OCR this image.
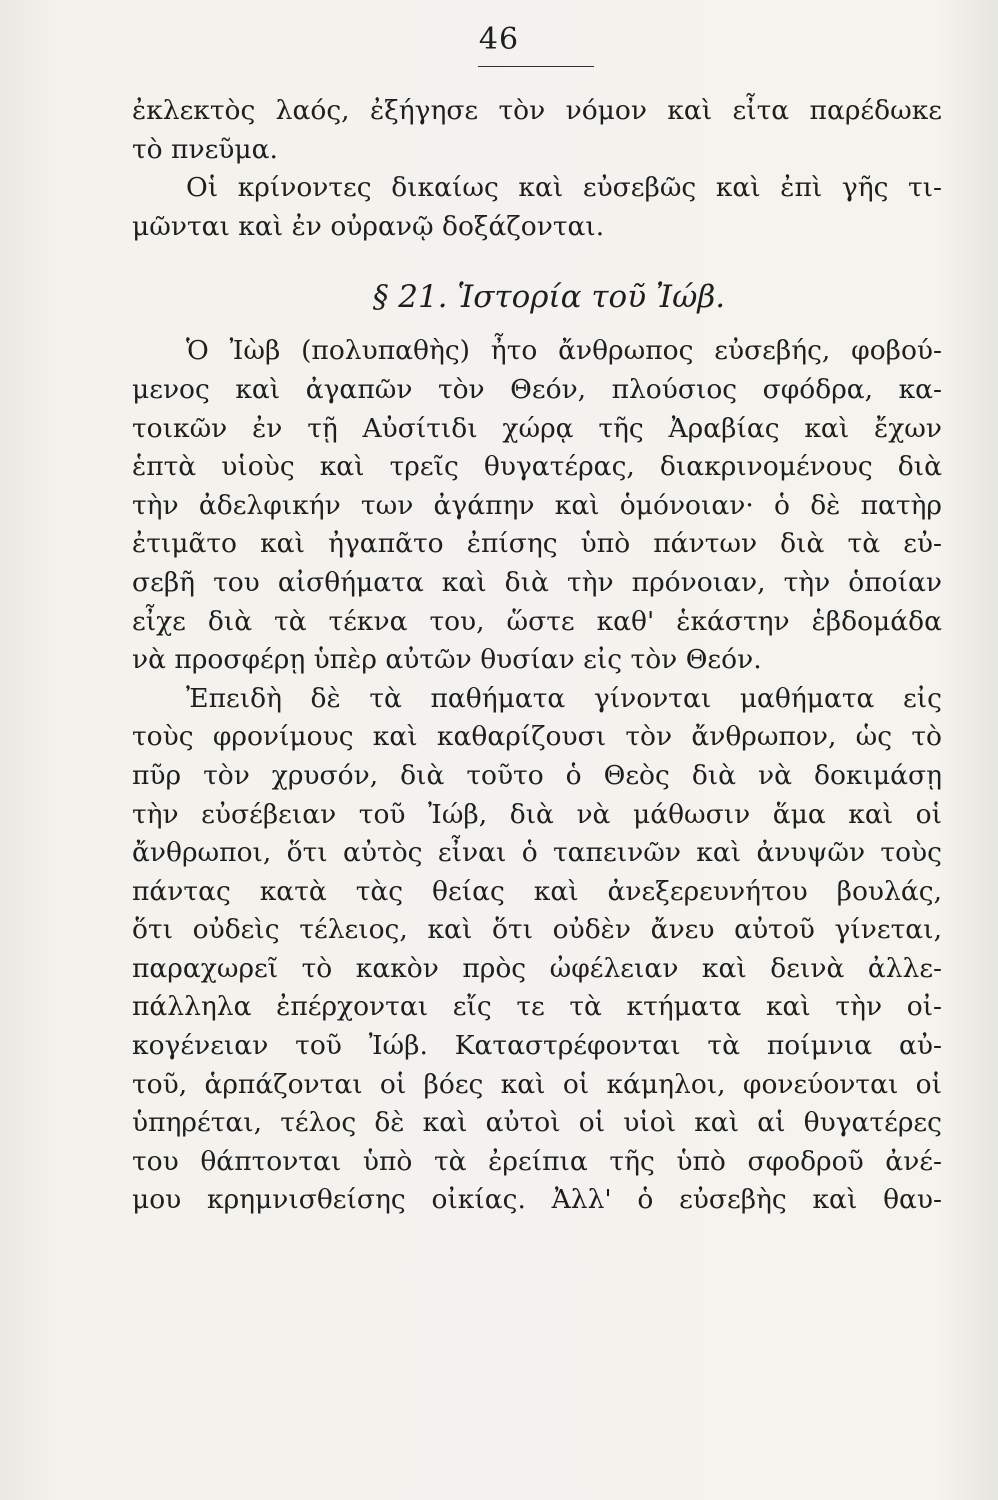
46
ἐκλεκτὸς λαός, ἐξήγησε τὸν νόμον καὶ εἶτα παρέδωκε
τὸ πνεῦμα.
Οἱ κρίνοντες δικαίως καὶ εὐσεβῶς καὶ ἐπὶ γῆς τι-
μῶνται καὶ ἐν οὐρανῷ δοξάζονται.
§ 21. Ἱστορία τοῦ Ἰώβ.
Ὁ Ἰὼβ (πολυπαθὴς) ἦτο ἄνθρωπος εὐσεβής, φοβού-
μενος καὶ ἀγαπῶν τὸν Θεόν, πλούσιος σφόδρα, κα-
τοικῶν ἐν τῇ Αὐσίτιδι χώρᾳ τῆς Ἀραβίας καὶ ἔχων
ἑπτὰ υἱοὺς καὶ τρεῖς θυγατέρας, διακρινομένους διὰ
τὴν ἀδελφικήν των ἀγάπην καὶ ὁμόνοιαν· ὁ δὲ πατὴρ
ἐτιμᾶτο καὶ ἠγαπᾶτο ἐπίσης ὑπὸ πάντων διὰ τὰ εὐ-
σεβῆ του αἰσθήματα καὶ διὰ τὴν πρόνοιαν, τὴν ὁποίαν
εἶχε διὰ τὰ τέκνα του, ὥστε καθ' ἑκάστην ἑβδομάδα
νὰ προσφέρῃ ὑπὲρ αὐτῶν θυσίαν εἰς τὸν Θεόν.
Ἐπειδὴ δὲ τὰ παθήματα γίνονται μαθήματα εἰς
τοὺς φρονίμους καὶ καθαρίζουσι τὸν ἄνθρωπον, ὡς τὸ
πῦρ τὸν χρυσόν, διὰ τοῦτο ὁ Θεὸς διὰ νὰ δοκιμάσῃ
τὴν εὐσέβειαν τοῦ Ἰώβ, διὰ νὰ μάθωσιν ἅμα καὶ οἱ
ἄνθρωποι, ὅτι αὐτὸς εἶναι ὁ ταπεινῶν καὶ ἀνυψῶν τοὺς
πάντας κατὰ τὰς θείας καὶ ἀνεξερευνήτου βουλάς,
ὅτι οὐδεὶς τέλειος, καὶ ὅτι οὐδὲν ἄνευ αὐτοῦ γίνεται,
παραχωρεῖ τὸ κακὸν πρὸς ὠφέλειαν καὶ δεινὰ ἀλλε-
πάλληλα ἐπέρχονται εἴς τε τὰ κτήματα καὶ τὴν οἰ-
κογένειαν τοῦ Ἰώβ. Καταστρέφονται τὰ ποίμνια αὐ-
τοῦ, ἁρπάζονται οἱ βόες καὶ οἱ κάμηλοι, φονεύονται οἱ
ὑπηρέται, τέλος δὲ καὶ αὐτοὶ οἱ υἱοὶ καὶ αἱ θυγατέρες
του θάπτονται ὑπὸ τὰ ἐρείπια τῆς ὑπὸ σφοδροῦ ἀνέ-
μου κρημνισθείσης οἰκίας. Ἀλλ' ὁ εὐσεβὴς καὶ θαυ-
